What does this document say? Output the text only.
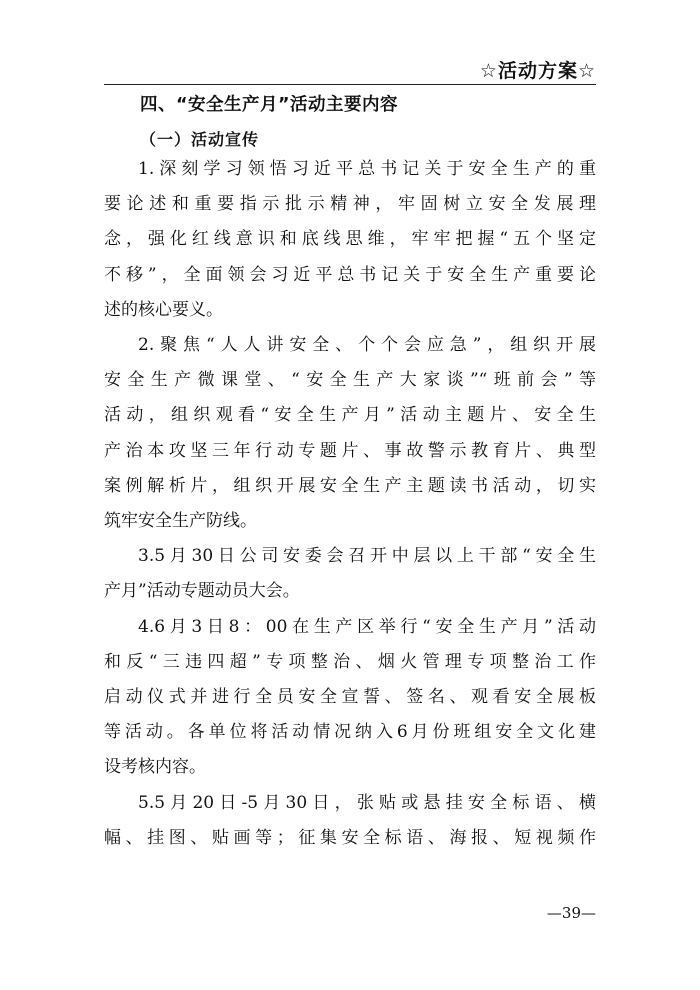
☆活动方案☆
四、“安全生产月”活动主要内容
（一）活动宣传
1.深刻学习领悟习近平总书记关于安全生产的重
要论述和重要指示批示精神，牢固树立安全发展理
念，强化红线意识和底线思维，牢牢把握“五个坚定
不移”，全面领会习近平总书记关于安全生产重要论
述的核心要义。
2.聚焦“人人讲安全、个个会应急”，组织开展
安全生产微课堂、“安全生产大家谈”“班前会”等
活动，组织观看“安全生产月”活动主题片、安全生
产治本攻坚三年行动专题片、事故警示教育片、典型
案例解析片，组织开展安全生产主题读书活动，切实
筑牢安全生产防线。
3.5月30日公司安委会召开中层以上干部“安全生
产月”活动专题动员大会。
4.6月3日8：00在生产区举行“安全生产月”活动
和反“三违四超”专项整治、烟火管理专项整治工作
启动仪式并进行全员安全宣誓、签名、观看安全展板
等活动。各单位将活动情况纳入6月份班组安全文化建
设考核内容。
5.5月20日-5月30日，张贴或悬挂安全标语、横
幅、挂图、贴画等；征集安全标语、海报、短视频作
—39—
